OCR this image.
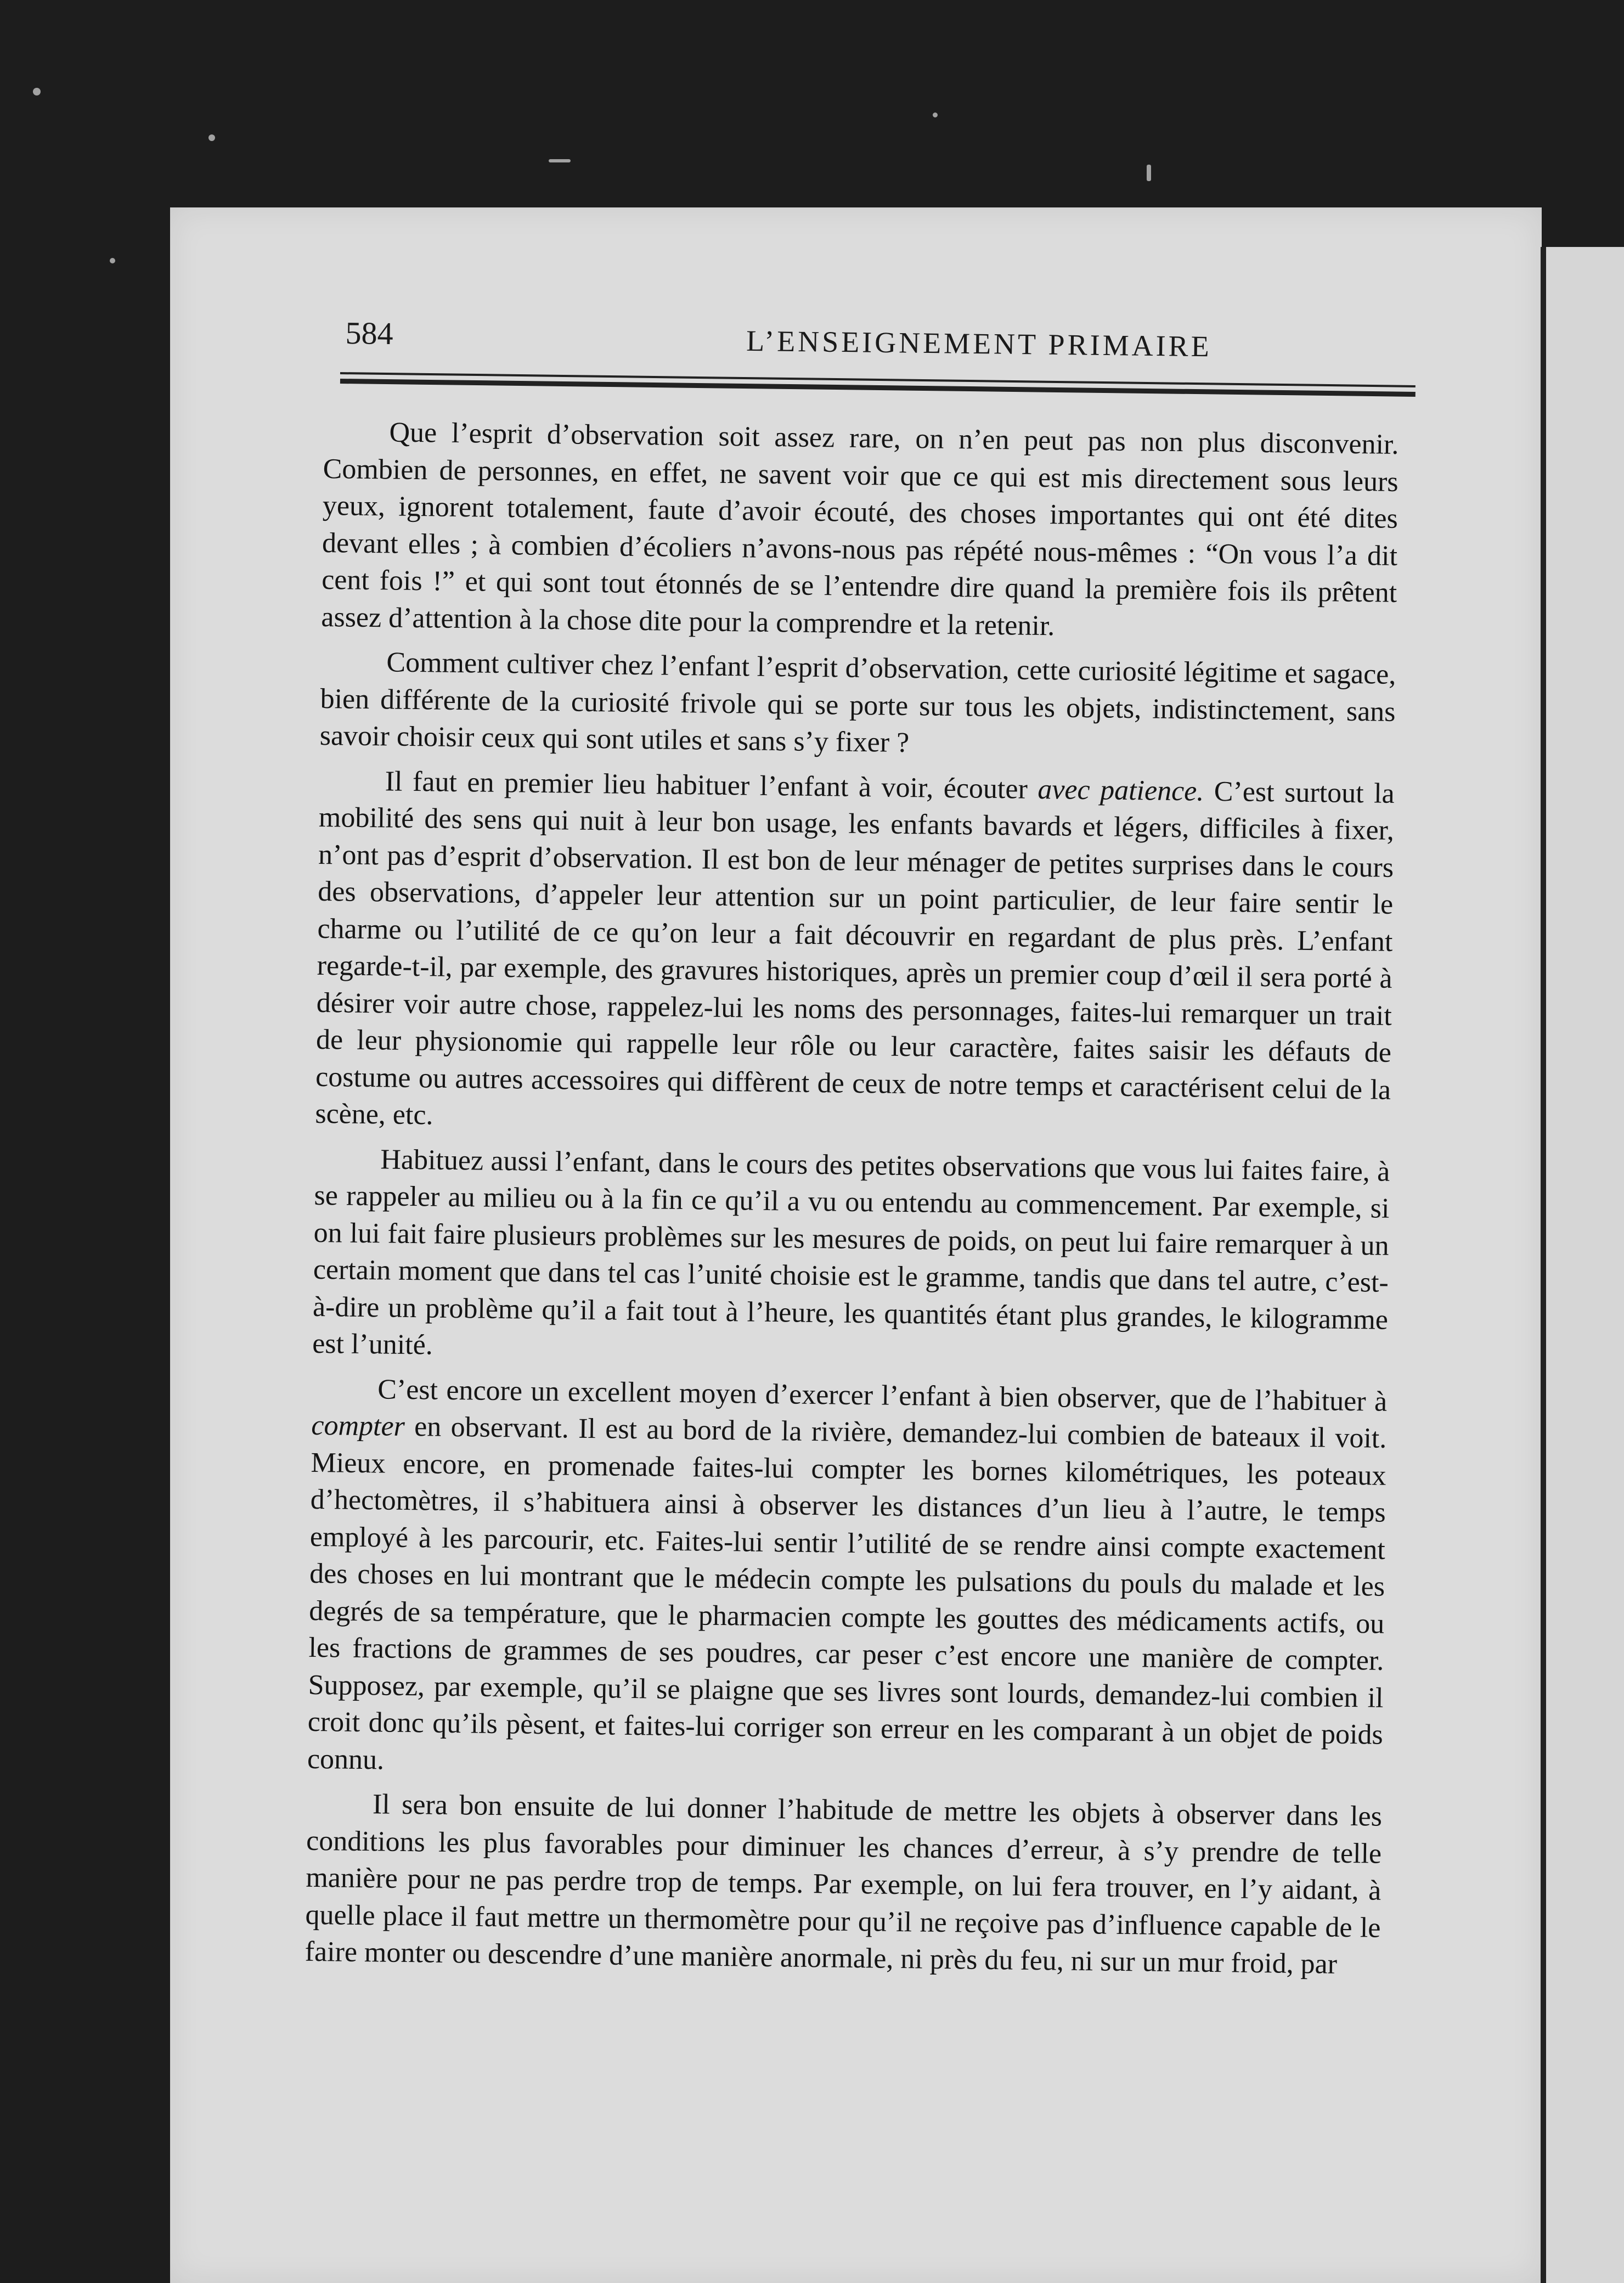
584	L’ENSEIGNEMENT PRIMAIRE

Que l’esprit d’observation soit assez rare, on n’en peut pas non plus disconvenir. Combien de personnes, en effet, ne savent voir que ce qui est mis directement sous leurs yeux, ignorent totalement, faute d’avoir écouté, des choses importantes qui ont été dites devant elles ; à combien d’écoliers n’avons-nous pas répété nous-mêmes : “On vous l’a dit cent fois !” et qui sont tout étonnés de se l’entendre dire quand la première fois ils prêtent assez d’attention à la chose dite pour la comprendre et la retenir.

Comment cultiver chez l’enfant l’esprit d’observation, cette curiosité légitime et sagace, bien différente de la curiosité frivole qui se porte sur tous les objets, indistinctement, sans savoir choisir ceux qui sont utiles et sans s’y fixer ?

Il faut en premier lieu habituer l’enfant à voir, écouter avec patience. C’est surtout la mobilité des sens qui nuit à leur bon usage, les enfants bavards et légers, difficiles à fixer, n’ont pas d’esprit d’observation. Il est bon de leur ménager de petites surprises dans le cours des observations, d’appeler leur attention sur un point particulier, de leur faire sentir le charme ou l’utilité de ce qu’on leur a fait découvrir en regardant de plus près. L’enfant regarde-t-il, par exemple, des gravures historiques, après un premier coup d’œil il sera porté à désirer voir autre chose, rappelez-lui les noms des personnages, faites-lui remarquer un trait de leur physionomie qui rappelle leur rôle ou leur caractère, faites saisir les défauts de costume ou autres accessoires qui diffèrent de ceux de notre temps et caractérisent celui de la scène, etc.

Habituez aussi l’enfant, dans le cours des petites observations que vous lui faites faire, à se rappeler au milieu ou à la fin ce qu’il a vu ou entendu au commencement. Par exemple, si on lui fait faire plusieurs problèmes sur les mesures de poids, on peut lui faire remarquer à un certain moment que dans tel cas l’unité choisie est le gramme, tandis que dans tel autre, c’est-à-dire un problème qu’il a fait tout à l’heure, les quantités étant plus grandes, le kilogramme est l’unité.

C’est encore un excellent moyen d’exercer l’enfant à bien observer, que de l’habituer à compter en observant. Il est au bord de la rivière, demandez-lui combien de bateaux il voit. Mieux encore, en promenade faites-lui compter les bornes kilométriques, les poteaux d’hectomètres, il s’habituera ainsi à observer les distances d’un lieu à l’autre, le temps employé à les parcourir, etc. Faites-lui sentir l’utilité de se rendre ainsi compte exactement des choses en lui montrant que le médecin compte les pulsations du pouls du malade et les degrés de sa température, que le pharmacien compte les gouttes des médicaments actifs, ou les fractions de grammes de ses poudres, car peser c’est encore une manière de compter. Supposez, par exemple, qu’il se plaigne que ses livres sont lourds, demandez-lui combien il croit donc qu’ils pèsent, et faites-lui corriger son erreur en les comparant à un objet de poids connu.

Il sera bon ensuite de lui donner l’habitude de mettre les objets à observer dans les conditions les plus favorables pour diminuer les chances d’erreur, à s’y prendre de telle manière pour ne pas perdre trop de temps. Par exemple, on lui fera trouver, en l’y aidant, à quelle place il faut mettre un thermomètre pour qu’il ne reçoive pas d’influence capable de le faire monter ou descendre d’une manière anormale, ni près du feu, ni sur un mur froid, par
